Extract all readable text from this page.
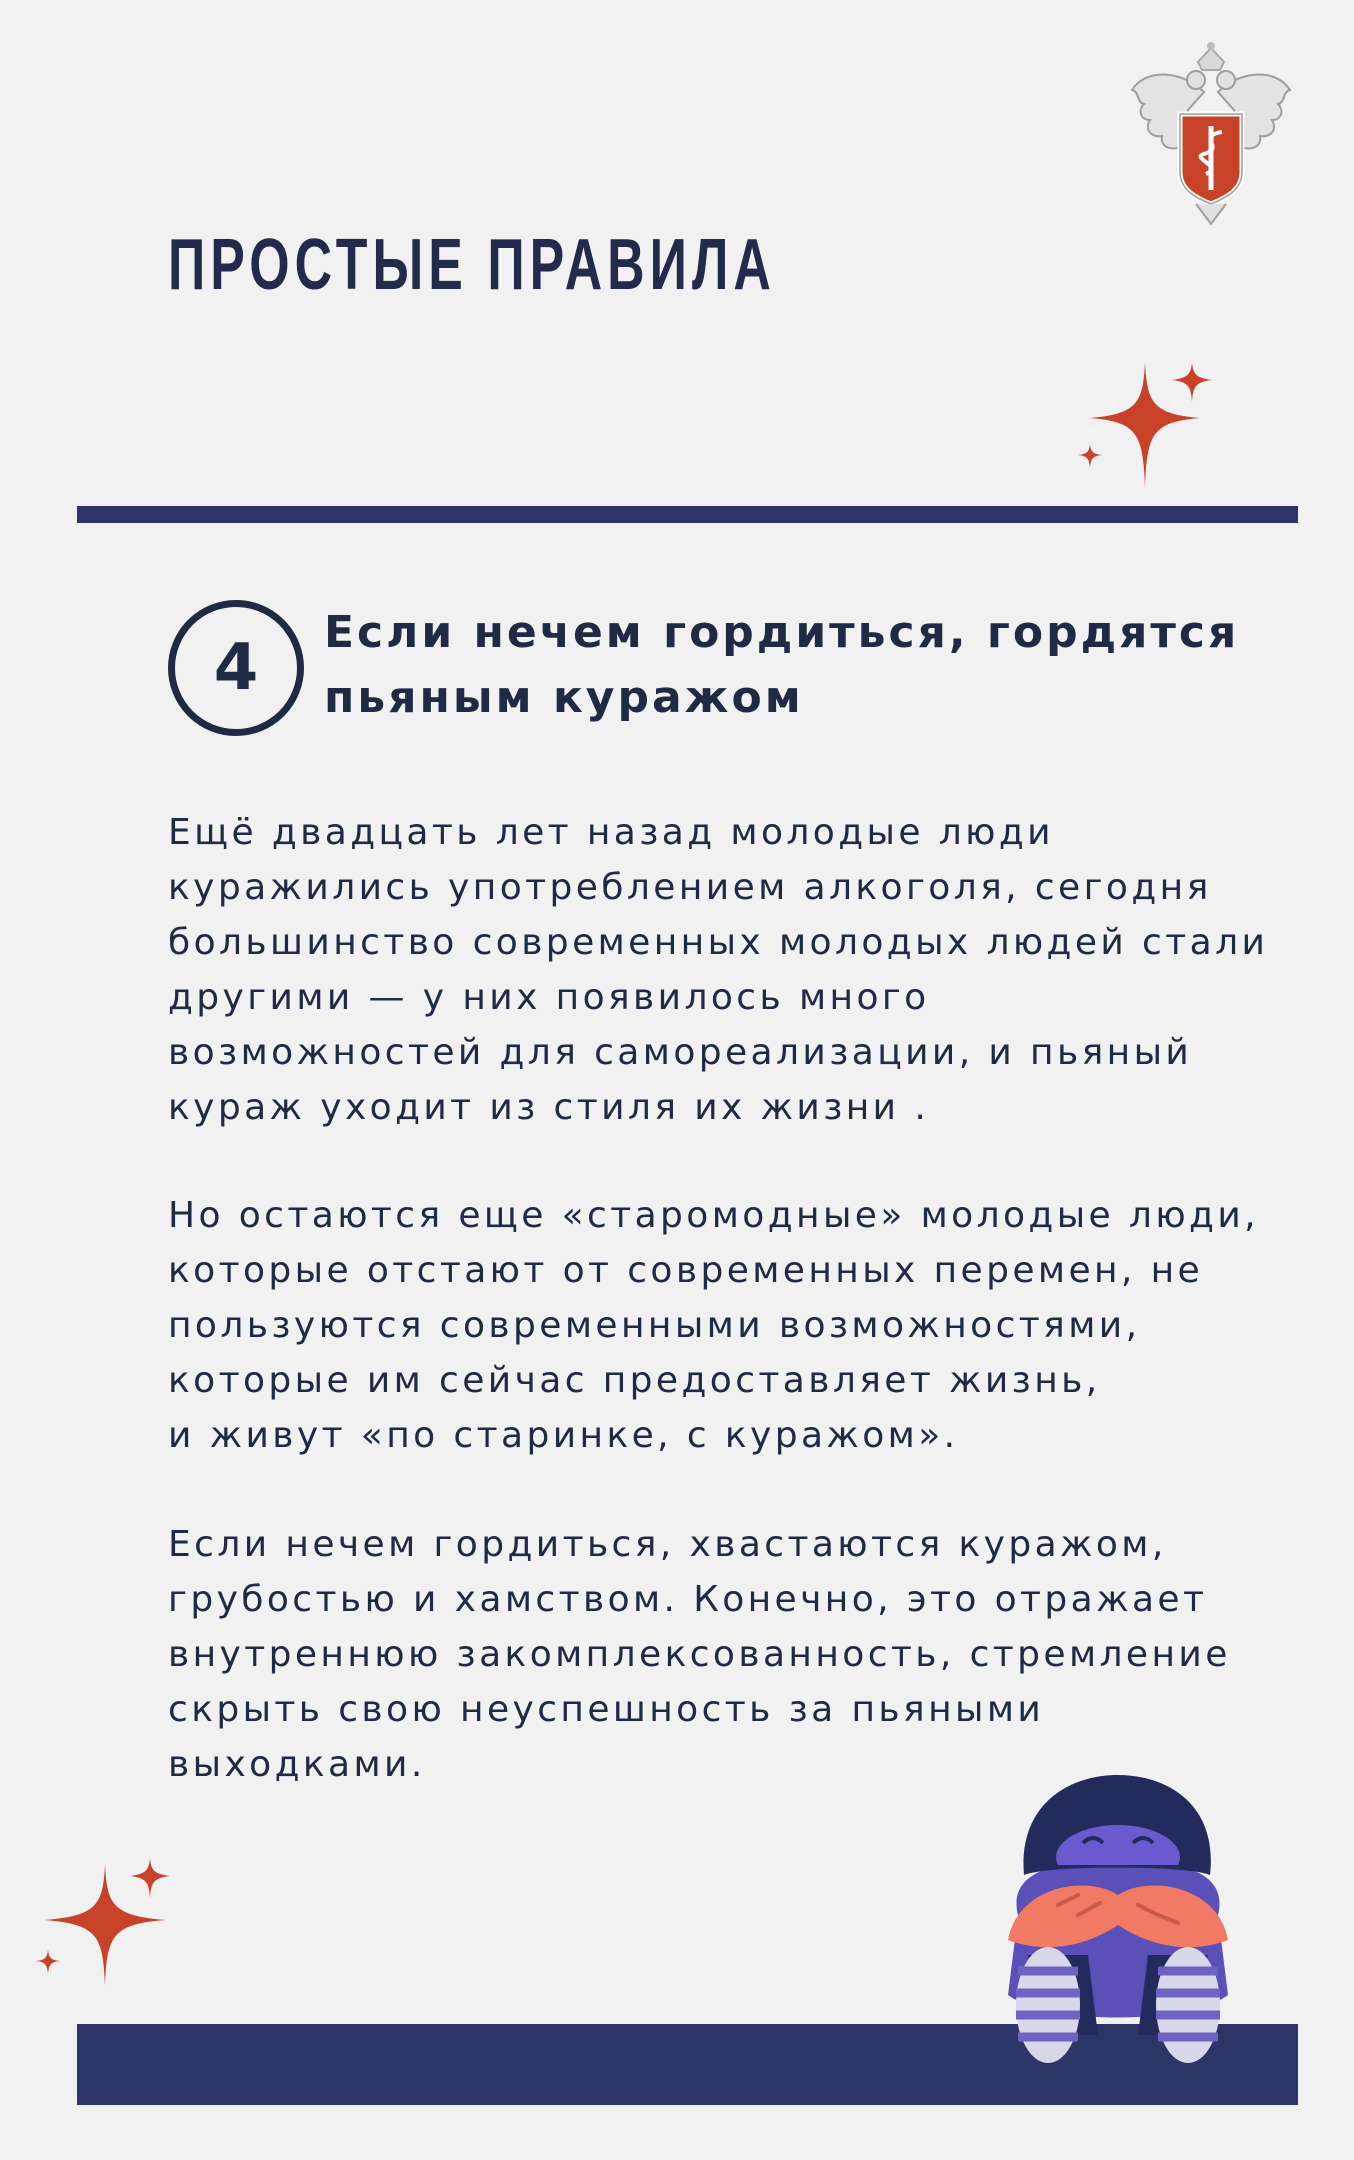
ПРОСТЫЕ ПРАВИЛА
4	Если нечем гордиться, гордятся пьяным куражом

Ещё двадцать лет назад молодые люди
куражились употреблением алкоголя, сегодня
большинство современных молодых людей стали
другими — у них появилось много
возможностей для самореализации, и пьяный
кураж уходит из стиля их жизни .

Но остаются еще «старомодные» молодые люди,
которые отстают от современных перемен, не
пользуются современными возможностями,
которые им сейчас предоставляет жизнь,
и живут «по старинке, с куражом».

Если нечем гордиться, хвастаются куражом,
грубостью и хамством. Конечно, это отражает
внутреннюю закомплексованность, стремление
скрыть свою неуспешность за пьяными
выходками.
